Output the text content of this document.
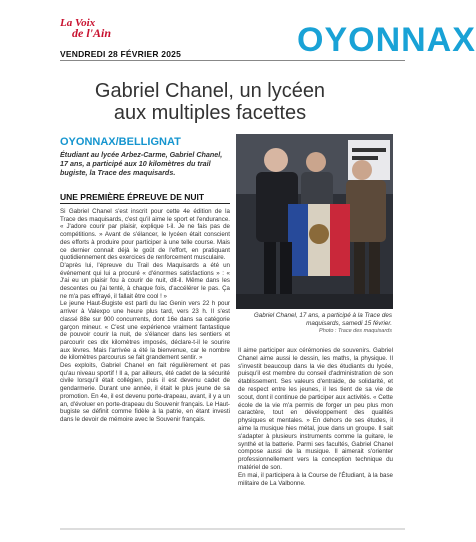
La Voix
de l'Ain	OYONNAX
VENDREDI 28 FÉVRIER 2025
Gabriel Chanel, un lycéen
aux multiples facettes
OYONNAX/BELLIGNAT
Étudiant au lycée Arbez-Carme, Gabriel Chanel, 17 ans, a participé aux 10 kilomètres du trail bugiste, la Trace des maquisards.
UNE PREMIÈRE ÉPREUVE DE NUIT

Si Gabriel Chanel s'est inscrit pour cette 4e édition de la Trace des maquisards, c'est qu'il aime le sport et l'endurance. « J'adore courir par plaisir, explique t-il. Je ne fais pas de compétitions. » Avant de s'élancer, le lycéen était conscient des efforts à produire pour participer à une telle course. Mais ce dernier connait déjà le goût de l'effort, en pratiquant quotidiennement des exercices de renforcement musculaire.

D'après lui, l'épreuve du Trail des Maquisards a été un événement qui lui a procuré « d'énormes satisfactions » : « J'ai eu un plaisir fou à courir de nuit, dit-il. Même dans les descentes ou j'ai tenté, à chaque fois, d'accélérer le pas. Ça ne m'a pas effrayé, il fallait être cool ! »

Le jeune Haut-Bugiste est parti du lac Genin vers 22 h pour arriver à Valexpo une heure plus tard, vers 23 h. Il s'est classé 88e sur 900 concurrents, dont 16e dans sa catégorie garçon mineur. « C'est une expérience vraiment fantastique de pouvoir courir la nuit, de s'élancer dans les sentiers et parcourir ces dix kilomètres imposés, déclare-t-il le sourire aux lèvres. Mais l'arrivée a été la bienvenue, car le nombre de kilomètres parcourus se fait grandement sentir. »

Des exploits, Gabriel Chanel en fait régulièrement et pas qu'au niveau sportif ! Il a, par ailleurs, été cadet de la sécurité civile lorsqu'il était collégien, puis il est devenu cadet de gendarmerie. Durant une année, il était le plus jeune de sa promotion. En 4e, il est devenu porte-drapeau, avant, il y a un an, d'évoluer en porte-drapeau du Souvenir français. Le Haut-bugiste se définit comme fidèle à la patrie, en étant investi dans le devoir de mémoire avec le Souvenir français.

Gabriel Chanel, 17 ans, a participé à la Trace des maquisards, samedi 15 février.
Photo : Trace des maquisards

Il aime participer aux cérémonies de souvenirs. Gabriel Chanel aime aussi le dessin, les maths, la physique. Il s'investit beaucoup dans la vie des étudiants du lycée, puisqu'il est membre du conseil d'administration de son établissement. Ses valeurs d'entraide, de solidarité, et de respect entre les jeunes, il les tient de sa vie de scout, dont il continue de participer aux activités. « Cette école de la vie m'a permis de forger un peu plus mon caractère, tout en développement des qualités physiques et mentales. » En dehors de ses études, il aime la musique hies métal, joue dans un groupe. Il sait s'adapter à plusieurs instruments comme la guitare, le synthé et la batterie. Parmi ses facultés, Gabriel Chanel compose aussi de la musique. Il aimerait s'orienter professionnellement vers la conception technique du matériel de son.

En mai, il participera à la Course de l'Étudiant, à la base militaire de La Valbonne.
